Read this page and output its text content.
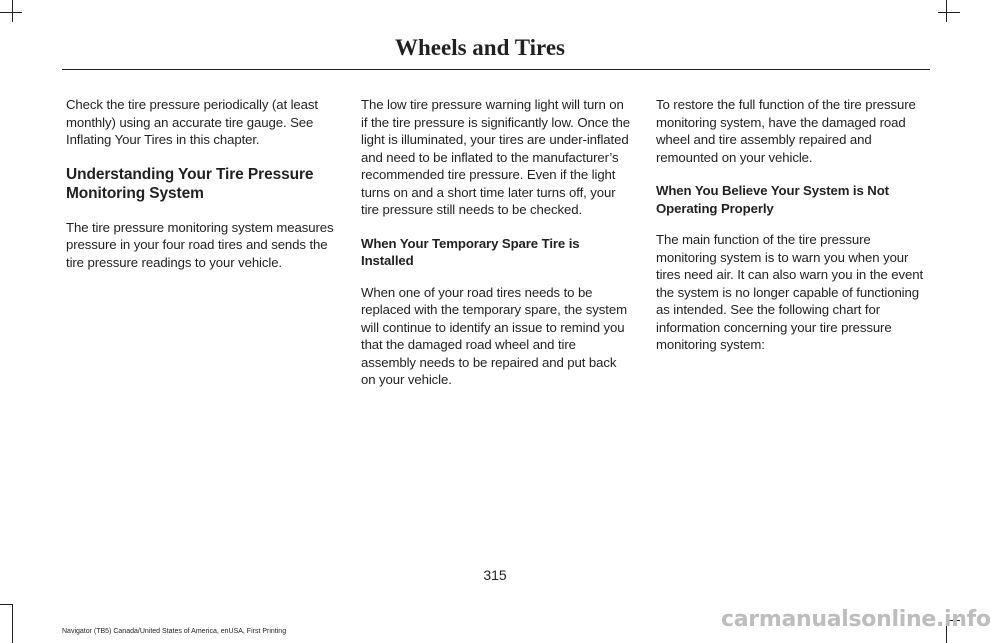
Wheels and Tires

Check the tire pressure periodically (at least monthly) using an accurate tire gauge. See Inflating Your Tires in this chapter.

Understanding Your Tire Pressure Monitoring System

The tire pressure monitoring system measures pressure in your four road tires and sends the tire pressure readings to your vehicle.

The low tire pressure warning light will turn on if the tire pressure is significantly low. Once the light is illuminated, your tires are under-inflated and need to be inflated to the manufacturer’s recommended tire pressure. Even if the light turns on and a short time later turns off, your tire pressure still needs to be checked.

When Your Temporary Spare Tire is Installed

When one of your road tires needs to be replaced with the temporary spare, the system will continue to identify an issue to remind you that the damaged road wheel and tire assembly needs to be repaired and put back on your vehicle.

To restore the full function of the tire pressure monitoring system, have the damaged road wheel and tire assembly repaired and remounted on your vehicle.

When You Believe Your System is Not Operating Properly

The main function of the tire pressure monitoring system is to warn you when your tires need air. It can also warn you in the event the system is no longer capable of functioning as intended. See the following chart for information concerning your tire pressure monitoring system:

315

Navigator (TB5) Canada/United States of America, enUSA, First Printing	carmanualsonline.info
